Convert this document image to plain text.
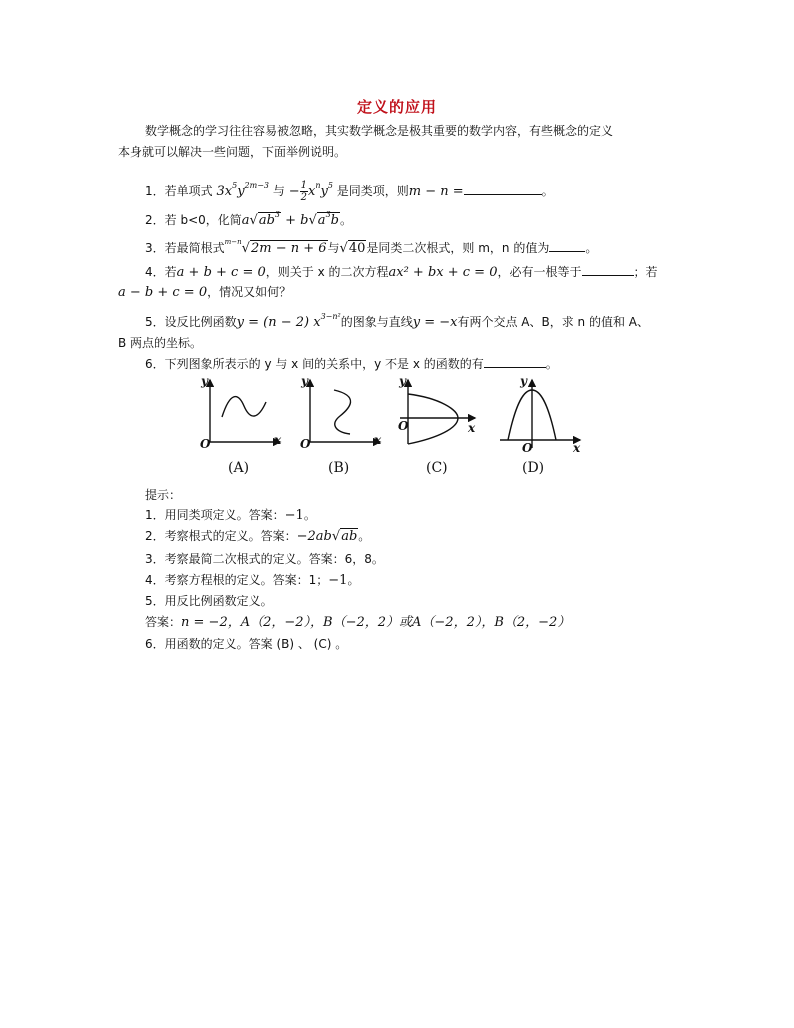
定义的应用
数学概念的学习往往容易被忽略，其实数学概念是极其重要的数学内容，有些概念的定义
本身就可以解决一些问题，下面举例说明。
1．若单项式 $3x^5y^{2m-3}$ 与 − $\frac{1}{2} x^ny^5$ 是同类项，则m − n =	。
2．若 b<0，化简$a√ab^3 + b√a^3b$。
3．若最简根式$^{m-n}$√2m − n + 6与√40是同类二次根式，则 m，n 的值为	。
4．若a + b + c = 0，则关于 x 的二次方程ax² + bx + c = 0，必有一根等于	；若
a − b + c = 0，情况又如何？
5．设反比例函数y = (n − 2) $x^{3-n^2}$的图象与直线y = −x有两个交点 A、B，求 n 的值和 A、
B 两点的坐标。
6．下列图象所表示的 y 与 x 间的关系中，y 不是 x 的函数的有	。
y
x
O
(A)
y
x
O
(B)
y
x
O
(C)
y
x
O
(D)
提示：
1．用同类项定义。答案：−1。
2．考察根式的定义。答案：−2ab√ab。
3．考察最简二次根式的定义。答案：6，8。
4．考察方程根的定义。答案：1；−1。
5．用反比例函数定义。
答案：n = −2，A（2，−2），B（−2，2）或A（−2，2），B（2，−2）
6．用函数的定义。答案 (B) 、 (C) 。
